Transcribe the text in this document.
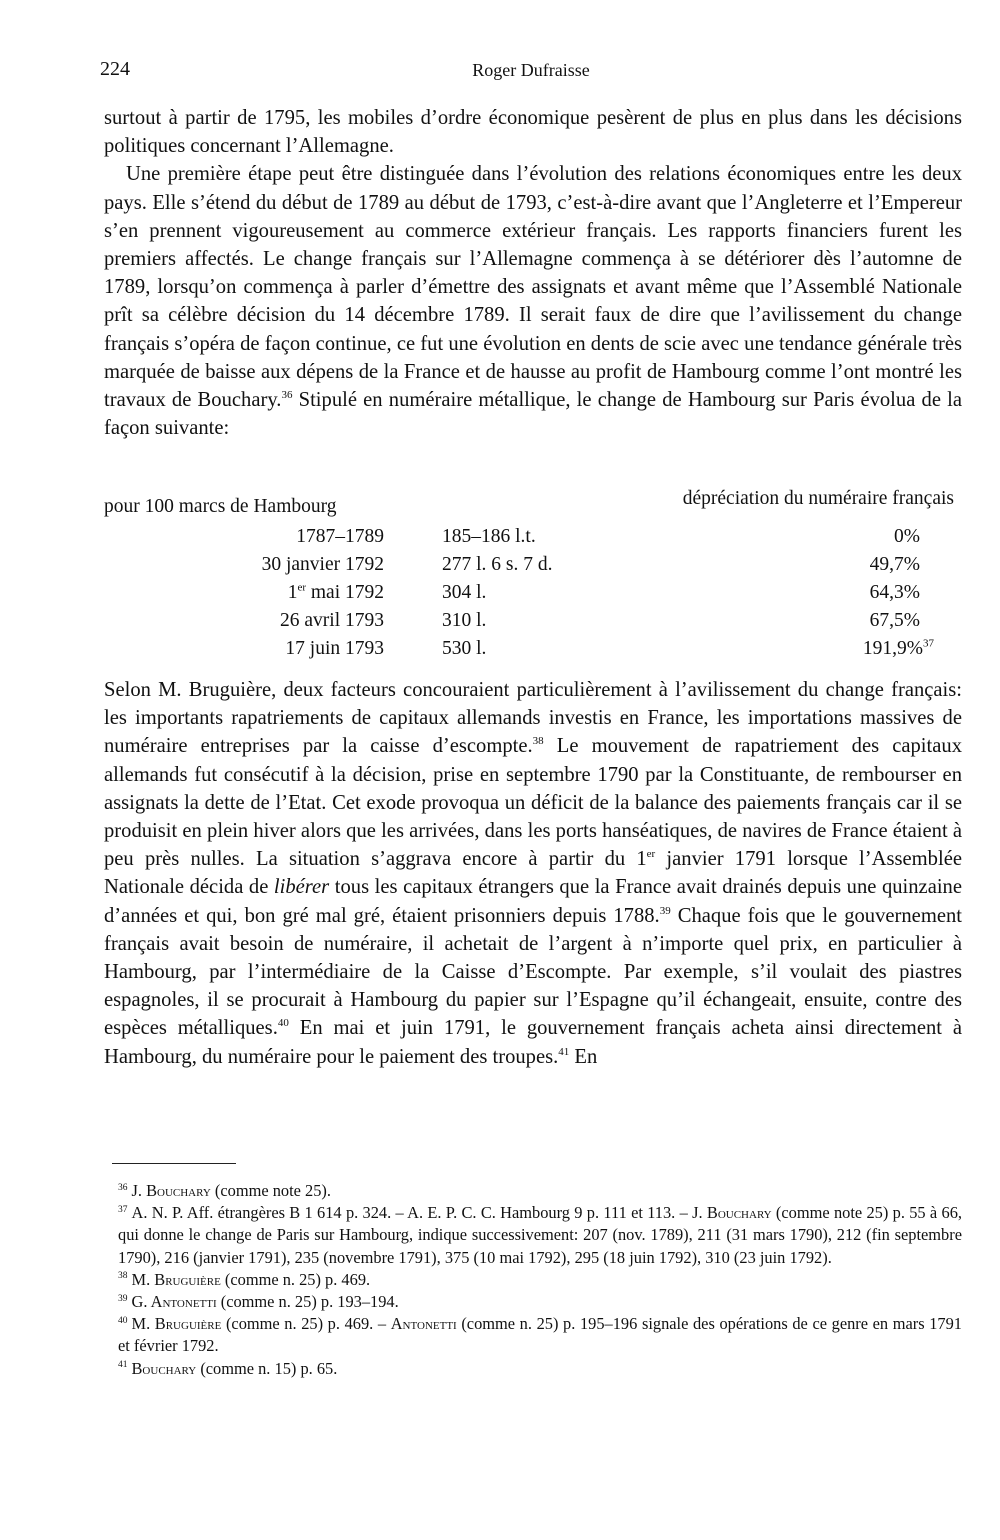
224	Roger Dufraisse

surtout à partir de 1795, les mobiles d’ordre économique pesèrent de plus en plus dans les décisions politiques concernant l’Allemagne.

Une première étape peut être distinguée dans l’évolution des relations économiques entre les deux pays. Elle s’étend du début de 1789 au début de 1793, c’est-à-dire avant que l’Angleterre et l’Empereur s’en prennent vigoureusement au commerce extérieur français. Les rapports financiers furent les premiers affectés. Le change français sur l’Allemagne commença à se détériorer dès l’automne de 1789, lorsqu’on commença à parler d’émettre des assignats et avant même que l’Assemblé Nationale prît sa célèbre décision du 14 décembre 1789. Il serait faux de dire que l’avilissement du change français s’opéra de façon continue, ce fut une évolution en dents de scie avec une tendance générale très marquée de baisse aux dépens de la France et de hausse au profit de Hambourg comme l’ont montré les travaux de Bouchary.$^{36}$ Stipulé en numéraire métallique, le change de Hambourg sur Paris évolua de la façon suivante:

pour 100 marcs de Hambourg	dépréciation du numéraire français
1787–1789	185–186 l.t.	0%
30 janvier 1792	277 l. 6 s. 7 d.	49,7%
1er mai 1792	304 l.	64,3%
26 avril 1793	310 l.	67,5%
17 juin 1793	530 l.	191,9%$^{37}$

Selon M. Bruguière, deux facteurs concouraient particulièrement à l’avilissement du change français: les importants rapatriements de capitaux allemands investis en France, les importations massives de numéraire entreprises par la caisse d’escompte.$^{38}$ Le mouvement de rapatriement des capitaux allemands fut consécutif à la décision, prise en septembre 1790 par la Constituante, de rembourser en assignats la dette de l’Etat. Cet exode provoqua un déficit de la balance des paiements français car il se produisit en plein hiver alors que les arrivées, dans les ports hanséatiques, de navires de France étaient à peu près nulles. La situation s’aggrava encore à partir du 1er janvier 1791 lorsque l’Assemblée Nationale décida de libérer tous les capitaux étrangers que la France avait drainés depuis une quinzaine d’années et qui, bon gré mal gré, étaient prisonniers depuis 1788.39 Chaque fois que le gouvernement français avait besoin de numéraire, il achetait de l’argent à n’importe quel prix, en particulier à Hambourg, par l’intermédiaire de la Caisse d’Escompte. Par exemple, s’il voulait des piastres espagnoles, il se procurait à Hambourg du papier sur l’Espagne qu’il échangeait, ensuite, contre des espèces métalliques.$^{40}$ En mai et juin 1791, le gouvernement français acheta ainsi directement à Hambourg, du numéraire pour le paiement des troupes.$^{41}$ En

$^{36}$ J. Bouchary (comme note 25).

$^{37}$ A. N. P. Aff. étrangères B 1 614 p. 324. – A. E. P. C. C. Hambourg 9 p. 111 et 113. – J. Bouchary (comme note 25) p. 55 à 66, qui donne le change de Paris sur Hambourg, indique successivement: 207 (nov. 1789), 211 (31 mars 1790), 212 (fin septembre 1790), 216 (janvier 1791), 235 (novembre 1791), 375 (10 mai 1792), 295 (18 juin 1792), 310 (23 juin 1792).

$^{38}$ M. Bruguière (comme n. 25) p. 469.

$^{39}$ G. Antonetti (comme n. 25) p. 193–194.

$^{40}$ M. Bruguière (comme n. 25) p. 469. – Antonetti (comme n. 25) p. 195–196 signale des opérations de ce genre en mars 1791 et février 1792.

$^{41}$ Bouchary (comme n. 15) p. 65.
